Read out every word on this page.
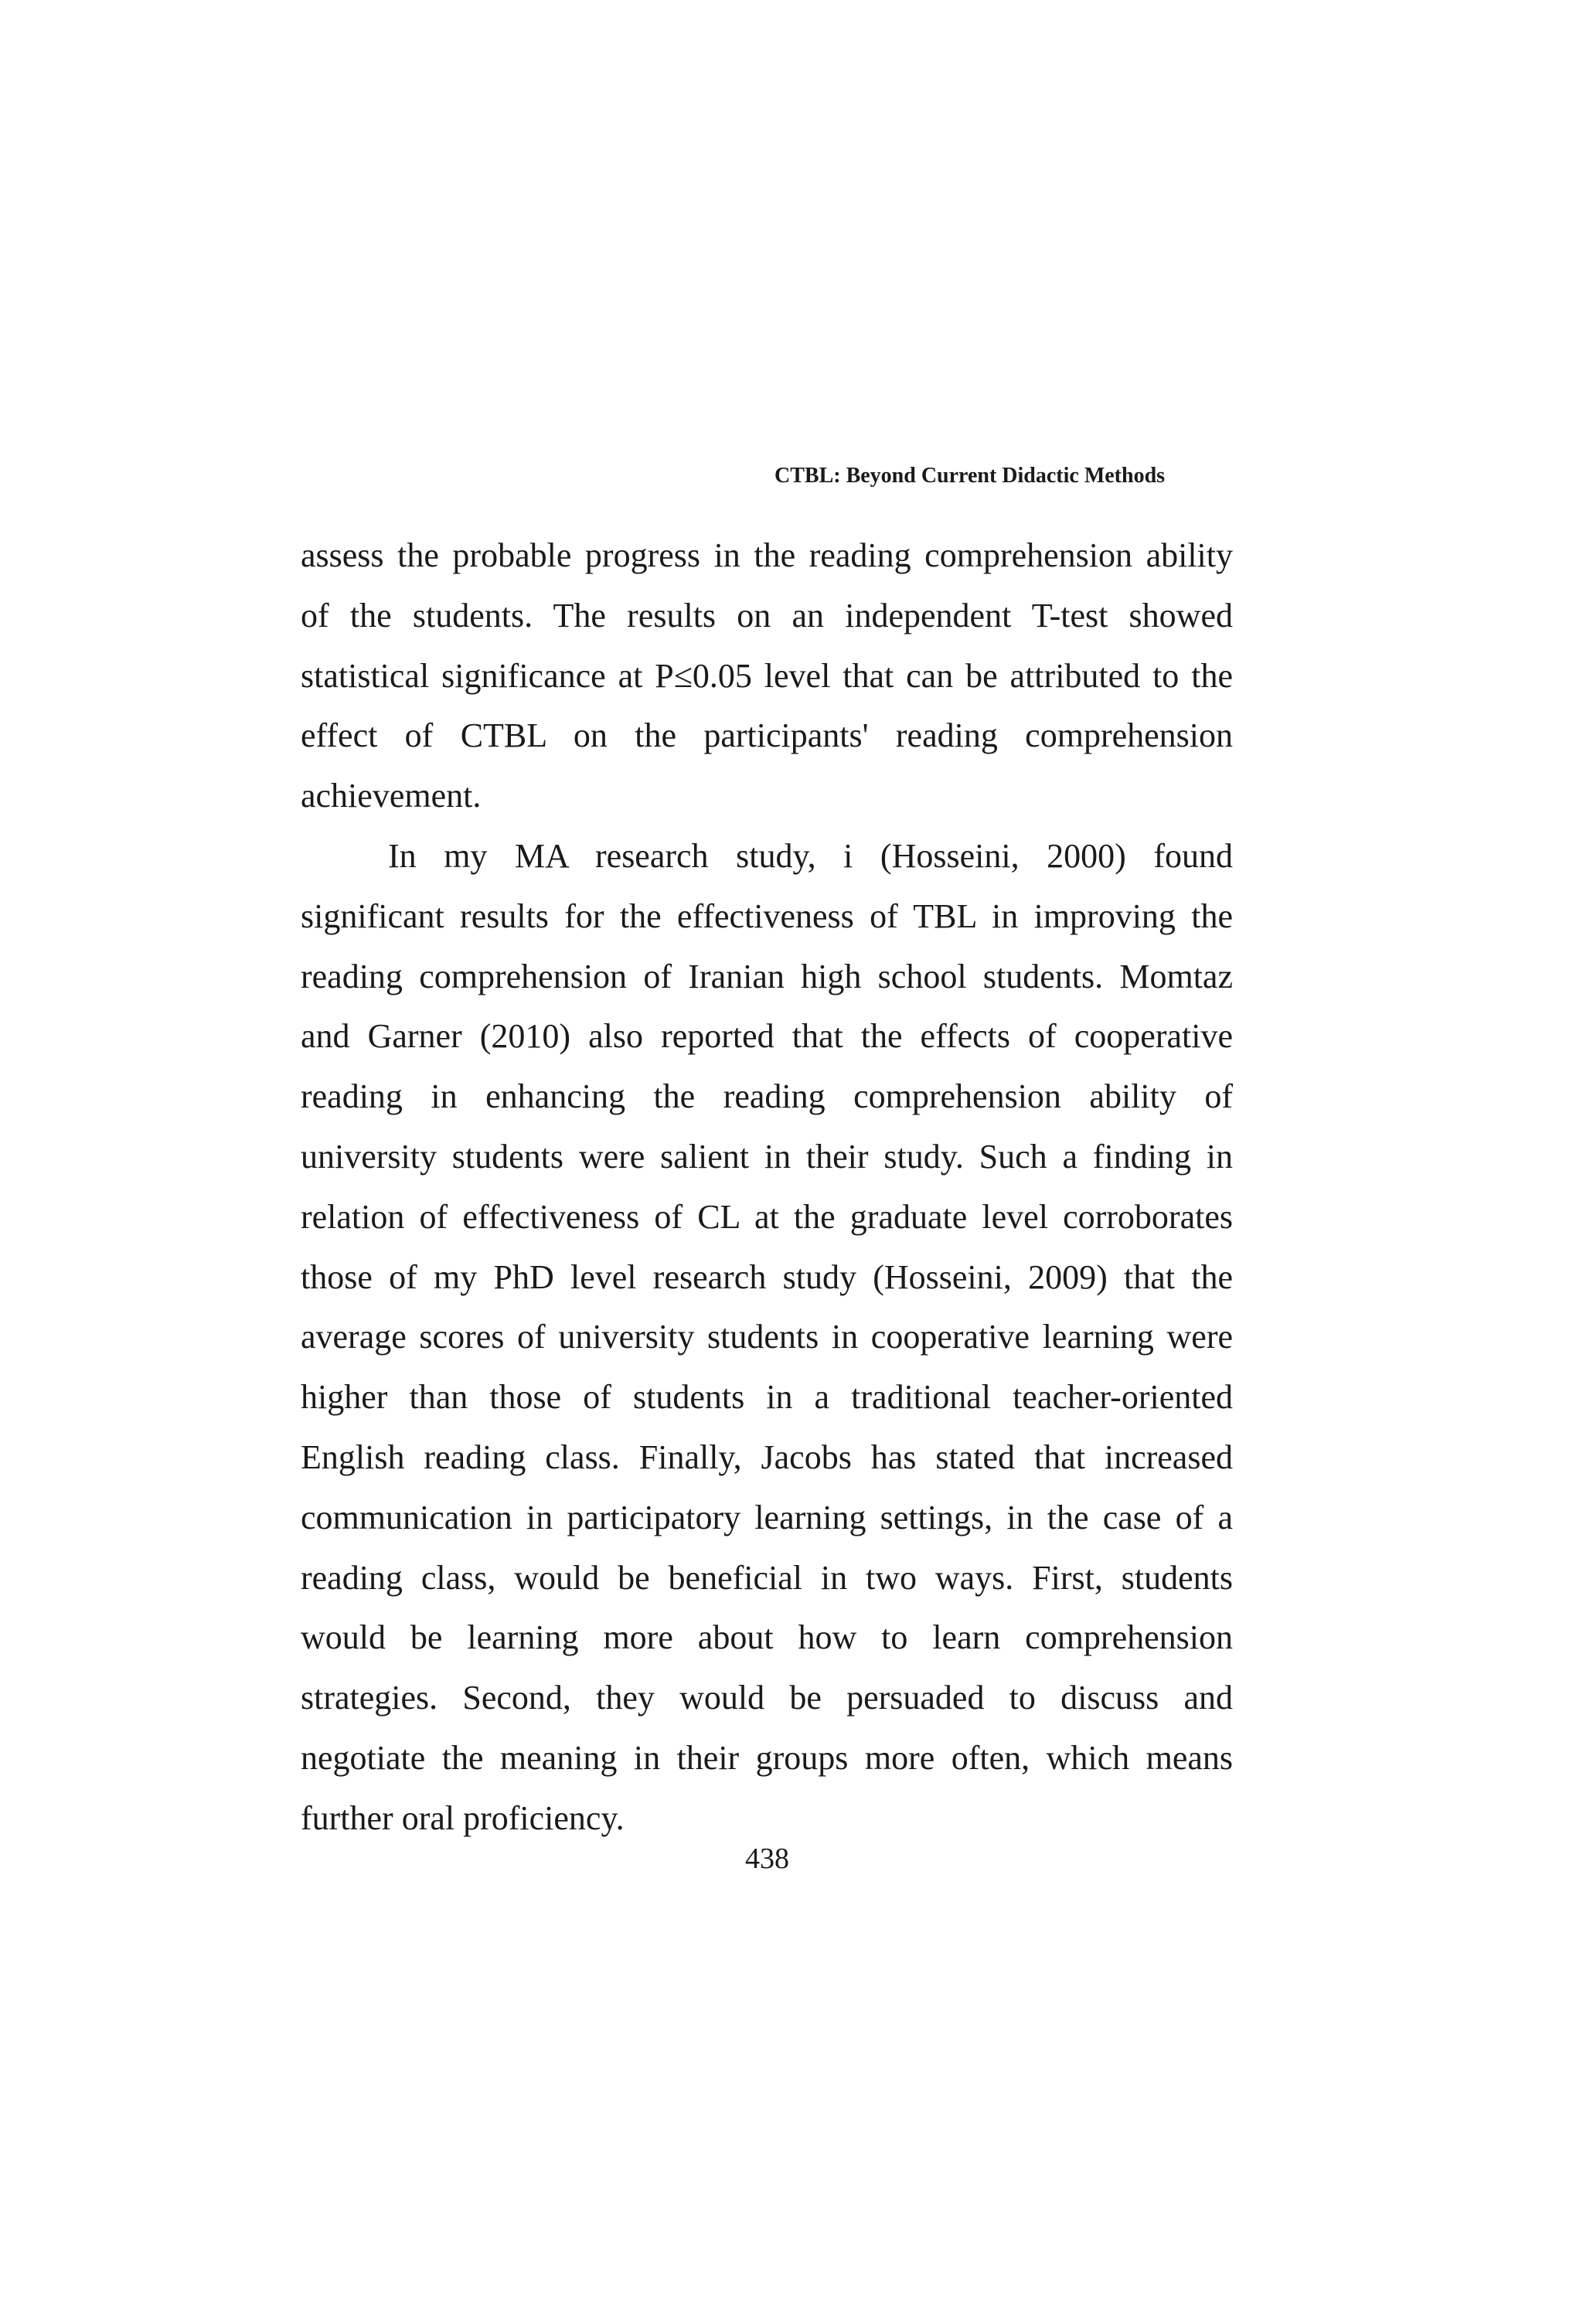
CTBL: Beyond Current Didactic Methods
assess the probable progress in the reading comprehension ability
of the students. The results on an independent T-test showed
statistical significance at P≤0.05 level that can be attributed to the
effect of CTBL on the participants' reading comprehension
achievement.
In my MA research study, i (Hosseini, 2000) found
significant results for the effectiveness of TBL in improving the
reading comprehension of Iranian high school students. Momtaz
and Garner (2010) also reported that the effects of cooperative
reading in enhancing the reading comprehension ability of
university students were salient in their study. Such a finding in
relation of effectiveness of CL at the graduate level corroborates
those of my PhD level research study (Hosseini, 2009) that the
average scores of university students in cooperative learning were
higher than those of students in a traditional teacher-oriented
English reading class. Finally, Jacobs has stated that increased
communication in participatory learning settings, in the case of a
reading class, would be beneficial in two ways. First, students
would be learning more about how to learn comprehension
strategies. Second, they would be persuaded to discuss and
negotiate the meaning in their groups more often, which means
further oral proficiency.
438
